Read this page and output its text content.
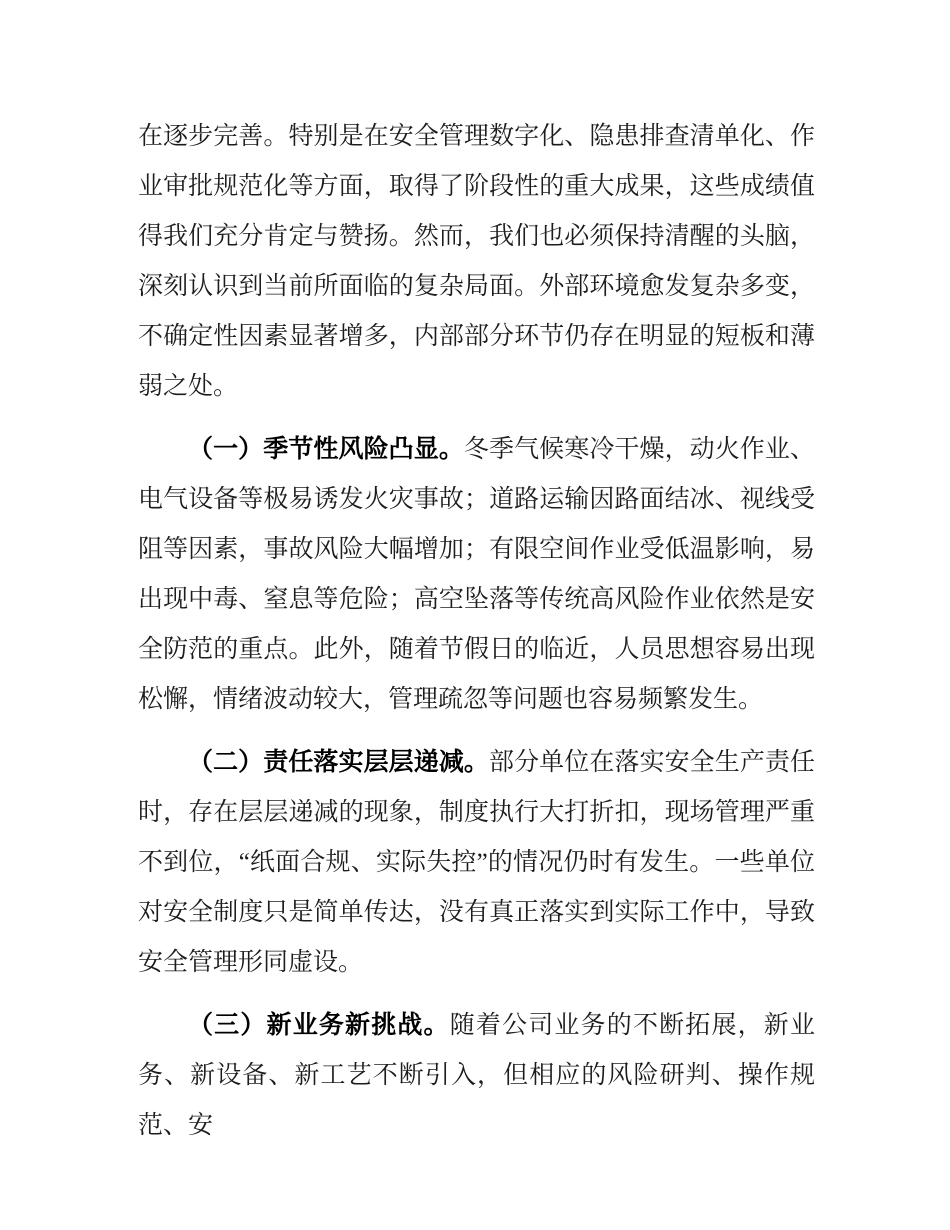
在逐步完善。特别是在安全管理数字化、隐患排查清单化、作业审批规范化等方面，取得了阶段性的重大成果，这些成绩值得我们充分肯定与赞扬。然而，我们也必须保持清醒的头脑，深刻认识到当前所面临的复杂局面。外部环境愈发复杂多变，不确定性因素显著增多，内部部分环节仍存在明显的短板和薄弱之处。

（一）季节性风险凸显。冬季气候寒冷干燥，动火作业、电气设备等极易诱发火灾事故；道路运输因路面结冰、视线受阻等因素，事故风险大幅增加；有限空间作业受低温影响，易出现中毒、窒息等危险；高空坠落等传统高风险作业依然是安全防范的重点。此外，随着节假日的临近，人员思想容易出现松懈，情绪波动较大，管理疏忽等问题也容易频繁发生。

（二）责任落实层层递减。部分单位在落实安全生产责任时，存在层层递减的现象，制度执行大打折扣，现场管理严重不到位，“纸面合规、实际失控”的情况仍时有发生。一些单位对安全制度只是简单传达，没有真正落实到实际工作中，导致安全管理形同虚设。

（三）新业务新挑战。随着公司业务的不断拓展，新业务、新设备、新工艺不断引入，但相应的风险研判、操作规范、安
